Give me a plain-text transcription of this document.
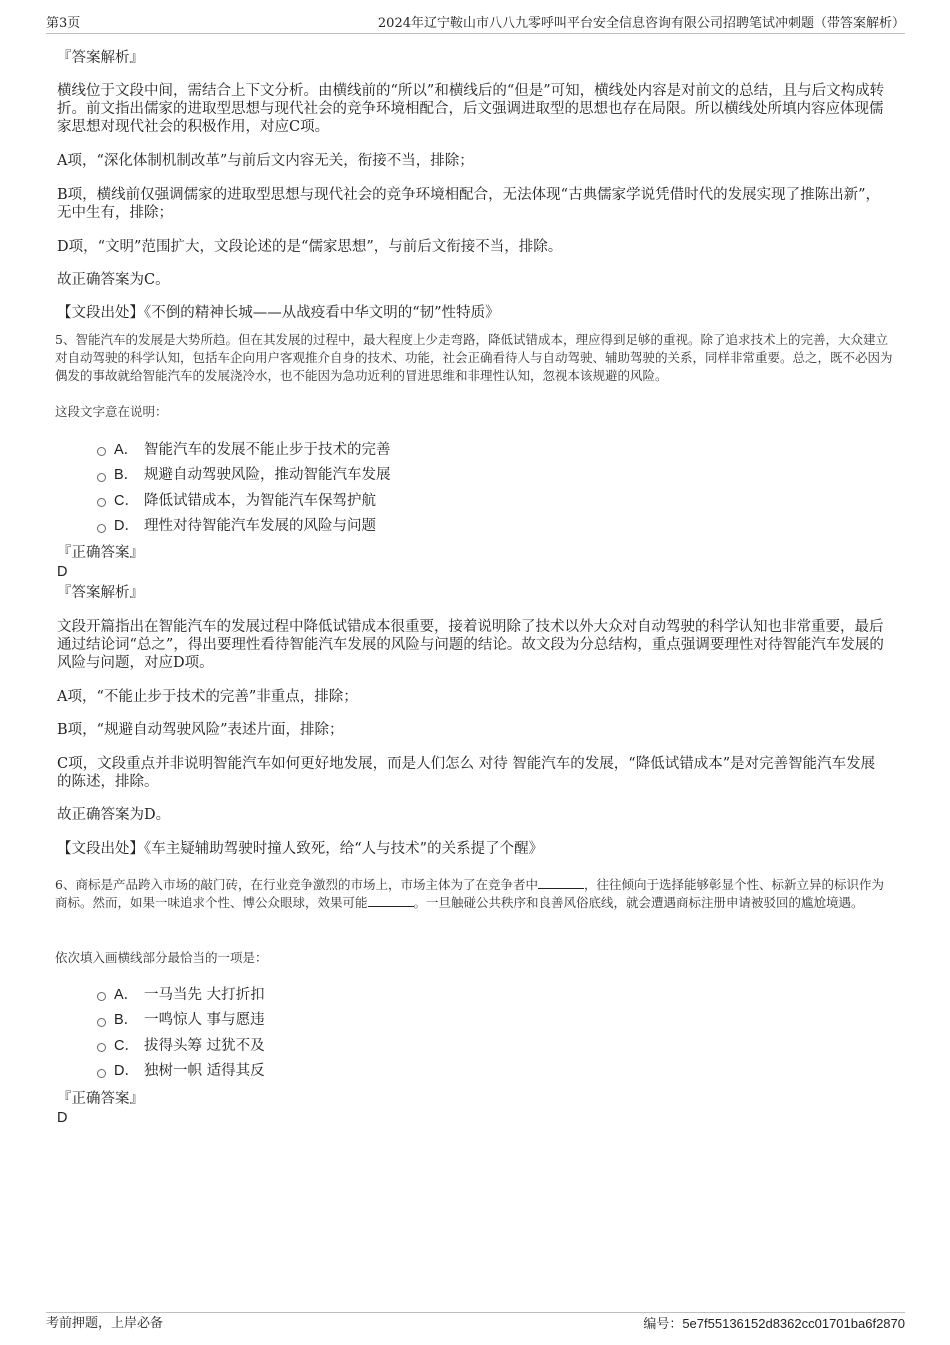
第3页	2024年辽宁鞍山市八八九零呼叫平台安全信息咨询有限公司招聘笔试冲刺题（带答案解析）

『答案解析』

横线位于文段中间，需结合上下文分析。由横线前的“所以”和横线后的“但是”可知，横线处内容是对前文的总结，且与后文构成转折。前文指出儒家的进取型思想与现代社会的竞争环境相配合，后文强调进取型的思想也存在局限。所以横线处所填内容应体现儒家思想对现代社会的积极作用，对应C项。

A项，“深化体制机制改革”与前后文内容无关，衔接不当，排除；

B项，横线前仅强调儒家的进取型思想与现代社会的竞争环境相配合，无法体现“古典儒家学说凭借时代的发展实现了推陈出新”，无中生有，排除；

D项，“文明”范围扩大，文段论述的是“儒家思想”，与前后文衔接不当，排除。

故正确答案为C。

【文段出处】《不倒的精神长城——从战疫看中华文明的“韧”性特质》

5、智能汽车的发展是大势所趋。但在其发展的过程中，最大程度上少走弯路，降低试错成本，理应得到足够的重视。除了追求技术上的完善，大众建立对自动驾驶的科学认知，包括车企向用户客观推介自身的技术、功能，社会正确看待人与自动驾驶、辅助驾驶的关系，同样非常重要。总之，既不必因为偶发的事故就给智能汽车的发展浇冷水，也不能因为急功近利的冒进思维和非理性认知，忽视本该规避的风险。

这段文字意在说明：

A． 智能汽车的发展不能止步于技术的完善
B． 规避自动驾驶风险，推动智能汽车发展
C． 降低试错成本，为智能汽车保驾护航
D． 理性对待智能汽车发展的风险与问题

『正确答案』

D

『答案解析』

文段开篇指出在智能汽车的发展过程中降低试错成本很重要，接着说明除了技术以外大众对自动驾驶的科学认知也非常重要，最后通过结论词“总之”，得出要理性看待智能汽车发展的风险与问题的结论。故文段为分总结构，重点强调要理性对待智能汽车发展的风险与问题，对应D项。

A项，“不能止步于技术的完善”非重点，排除；

B项，“规避自动驾驶风险”表述片面，排除；

C项，文段重点并非说明智能汽车如何更好地发展，而是人们怎么 对待 智能汽车的发展，“降低试错成本”是对完善智能汽车发展的陈述，排除。

故正确答案为D。

【文段出处】《车主疑辅助驾驶时撞人致死，给“人与技术”的关系提了个醒》

6、商标是产品跨入市场的敲门砖，在行业竞争激烈的市场上，市场主体为了在竞争者中	，往往倾向于选择能够彰显个性、标新立异的标识作为商标。然而，如果一味追求个性、博公众眼球，效果可能	。一旦触碰公共秩序和良善风俗底线，就会遭遇商标注册申请被驳回的尴尬境遇。

依次填入画横线部分最恰当的一项是：

A． 一马当先 大打折扣
B． 一鸣惊人 事与愿违
C． 拔得头筹 过犹不及
D． 独树一帜 适得其反

『正确答案』

D

考前押题，上岸必备	编号：5e7f55136152d8362cc01701ba6f2870
